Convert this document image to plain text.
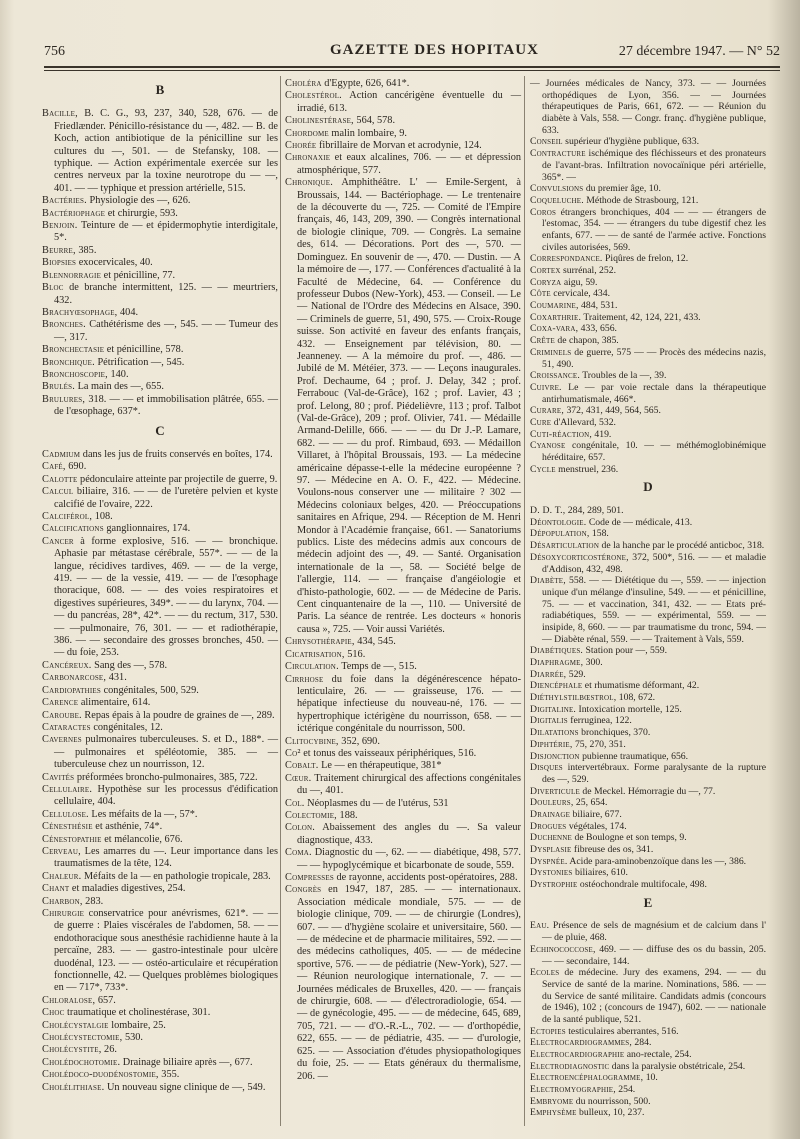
756	GAZETTE DES HOPITAUX	27 décembre 1947. — N° 52
B

Bacille, B. C. G., 93, 237, 340, 528, 676. — de Friedlænder. Pénicillo-résistance du —, 482. — B. de Koch, action antibiotique de la pénicilline sur les cultures du —, 501. — de Stefansky, 108. — typhique. — Action expérimentale exercée sur les centres nerveux par la toxine neurotrope du — —, 401. — — typhique et pression artérielle, 515.

Bactéries. Physiologie des —, 626.

Bactériophage et chirurgie, 593.

Benjoin. Teinture de — et épidermophytie interdigitale, 5*.

Beurre, 385.

Biopsies exocervicales, 40.

Blennorragie et pénicilline, 77.

Bloc de branche intermittent, 125. — — meurtriers, 432.

Brachyœsophage, 404.

Bronches. Cathétérisme des —, 545. — — Tumeur des —, 317.

Bronchectasie et pénicilline, 578.

Bronchique. Pétrification —, 545.

Bronchoscopie, 140.

Brulés. La main des —, 655.

Brulures, 318. — — et immobilisation plâtrée, 655. — de l'œsophage, 637*.

C

Cadmium dans les jus de fruits conservés en boîtes, 174.

Café, 690.

Calotte pédonculaire atteinte par projectile de guerre, 9.

Calcul biliaire, 316. — — de l'uretère pelvien et kyste calcifié de l'ovaire, 222.

Calciférol, 108.

Calcifications ganglionnaires, 174.

Cancer à forme explosive, 516. — — bronchique. Aphasie par métastase cérébrale, 557*. — — de la langue, récidives tardives, 469. — — de la verge, 419. — — de la vessie, 419. — — de l'œsophage thoracique, 608. — — des voies respiratoires et digestives supérieures, 349*. — — du larynx, 704. — — du pancréas, 28*, 42*. — — du rectum, 317, 530. — —pulmonaire, 76, 301. — — et radiothérapie, 386. — — secondaire des grosses bronches, 450. — — du foie, 253.

Cancéreux. Sang des —, 578.

Carbonarcose, 431.

Cardiopathies congénitales, 500, 529.

Carence alimentaire, 614.

Caroube. Repas épais à la poudre de graines de —, 289.

Cataractes congénitales, 12.

Cavernes pulmonaires tuberculeuses. S. et D., 188*. — — pulmonaires et spéléotomie, 385. — — tuberculeuse chez un nourrisson, 12.

Cavités préformées broncho-pulmonaires, 385, 722.

Cellulaire. Hypothèse sur les processus d'édification cellulaire, 404.

Cellulose. Les méfaits de la —, 57*.

Cénesthésie et asthénie, 74*.

Cénestopathie et mélancolie, 676.

Cerveau, Les amarres du —. Leur importance dans les traumatismes de la tête, 124.

Chaleur. Méfaits de la — en pathologie tropicale, 283.

Chant et maladies digestives, 254.

Charbon, 283.

Chirurgie conservatrice pour anévrismes, 621*. — — de guerre : Plaies viscérales de l'abdomen, 58. — — endothoracique sous anesthésie rachidienne haute à la percaïne, 283. — — gastro-intestinale pour ulcère duodénal, 123. — — ostéo-articulaire et récupération fonctionnelle, 42. — Quelques problèmes biologiques en — 717*, 733*.

Chloralose, 657.

Choc traumatique et cholinestérase, 301.

Cholécystalgie lombaire, 25.

Cholécystectomie, 530.

Cholécystite, 26.

Cholédochotomie. Drainage biliaire après —, 677.

Cholédoco-duodénostomie, 355.

Cholélithiase. Un nouveau signe clinique de —, 549.

Choléra d'Egypte, 626, 641*.

Cholestérol. Action cancérigène éventuelle du — irradié, 613.

Cholinestérase, 564, 578.

Chordome malin lombaire, 9.

Chorée fibrillaire de Morvan et acrodynie, 124.

Chronaxie et eaux alcalines, 706. — — et dépression atmosphérique, 577.

Chronique. Amphithéâtre. L' — Emile-Sergent, à Broussais, 144. — Bactériophage. — Le trentenaire de la découverte du —, 725. — Comité de l'Empire français, 46, 143, 209, 390. — Congrès international de biologie clinique, 709. — Congrès. La semaine des, 614. — Décorations. Port des —, 570. — Dominguez. En souvenir de —, 470. — Dustin. — A la mémoire de —, 177. — Conférences d'actualité à la Faculté de Médecine, 64. — Conférence du professeur Dubos (New-York), 453. — Conseil. — Le — National de l'Ordre des Médecins en Alsace, 390. — Criminels de guerre, 51, 490, 575. — Croix-Rouge suisse. Son activité en faveur des enfants français, 432. — Enseignement par télévision, 80. — Jeanneney. — A la mémoire du prof. —, 486. — Jubilé de M. Météier, 373. — — Leçons inaugurales. Prof. Dechaume, 64 ; prof. J. Delay, 342 ; prof. Ferrabouc (Val-de-Grâce), 162 ; prof. Lavier, 43 ; prof. Lelong, 80 ; prof. Piédelièvre, 113 ; prof. Talbot (Val-de-Grâce), 209 ; prof. Olivier, 741. — Médaille Armand-Delille, 666. — — — du Dr J.-P. Lamare, 682. — — — du prof. Rimbaud, 693. — Médaillon Villaret, à l'hôpital Broussais, 193. — La médecine américaine dépasse-t-elle la médecine européenne ? 97. — Médecine en A. O. F., 422. — Médecine. Voulons-nous conserver une — militaire ? 302 — Médecins coloniaux belges, 420. — Préoccupations sanitaires en Afrique, 294. — Réception de M. Henri Mondor à l'Académie française, 661. — Sanatoriums publics. Liste des médecins admis aux concours de médecin adjoint des —, 49. — Santé. Organisation internationale de la —, 58. — Société belge de l'allergie, 114. — — française d'angéiologie et d'histo-pathologie, 602. — — de Médecine de Paris. Cent cinquantenaire de la —, 110. — Université de Paris. La séance de rentrée. Les docteurs « honoris causa », 725. — Voir aussi Variétés.

Chrysothérapie, 434, 545.

Cicatrisation, 516.

Circulation. Temps de —, 515.

Cirrhose du foie dans la dégénérescence hépato-lenticulaire, 26. — — graisseuse, 176. — — hépatique infectieuse du nouveau-né, 176. — — hypertrophique ictérigène du nourrisson, 658. — — ictérique congénitale du nourrisson, 500.

Clitocybine, 352, 690.

Co² et tonus des vaisseaux périphériques, 516.

Cobalt. Le — en thérapeutique, 381*

Cœur. Traitement chirurgical des affections congénitales du —, 401.

Col. Néoplasmes du — de l'utérus, 531

Colectomie, 188.

Colon. Abaissement des angles du —. Sa valeur diagnostique, 433.

Coma. Diagnostic du —, 62. — — diabétique, 498, 577. — — hypoglycémique et bicarbonate de soude, 559.

Compresses de rayonne, accidents post-opératoires, 288.

Congrès en 1947, 187, 285. — — internationaux. Association médicale mondiale, 575. — — de biologie clinique, 709. — — de chirurgie (Londres), 607. — — d'hygiène scolaire et universitaire, 560. — — de médecine et de pharmacie militaires, 592. — — des médecins catholiques, 405. — — de médecine sportive, 576. — — de pédiatrie (New-York), 527. — — Réunion neurologique internationale, 7. — — Journées médicales de Bruxelles, 420. — — français de chirurgie, 608. — — d'électroradiologie, 654. — — de gynécologie, 495. — — de médecine, 645, 689, 705, 721. — — d'O.-R.-L., 702. — — d'orthopédie, 622, 655. — — de pédiatrie, 435. — — d'urologie, 625. — — Association d'études physiopathologiques du foie, 25. — — Etats généraux du thermalisme, 206. —

— Journées médicales de Nancy, 373. — — Journées orthopédiques de Lyon, 356. — — Journées thérapeutiques de Paris, 661, 672. — — Réunion du diabète à Vals, 558. — Congr. franç. d'hygiène publique, 633.

Conseil supérieur d'hygiène publique, 633.

Contracture ischémique des fléchisseurs et des pronateurs de l'avant-bras. Infiltration novocaïnique péri artérielle, 365*. —

Convulsions du premier âge, 10.

Coqueluche. Méthode de Strasbourg, 121.

Coros étrangers bronchiques, 404 — — — étrangers de l'estomac, 354. — — étrangers du tube digestif chez les enfants, 677. — — de santé de l'armée active. Fonctions civiles autorisées, 569.

Correspondance. Piqûres de frelon, 12.

Cortex surrénal, 252.

Coryza aigu, 59.

Côte cervicale, 434.

Coumarine, 484, 531.

Coxarthrie. Traitement, 42, 124, 221, 433.

Coxa-vara, 433, 656.

Crête de chapon, 385.

Criminels de guerre, 575 — — Procès des médecins nazis, 51, 490.

Croissance. Troubles de la —, 39.

Cuivre. Le — par voie rectale dans la thérapeutique antirhumatismale, 466*.

Curare, 372, 431, 449, 564, 565.

Cure d'Allevard, 532.

Cuti-réaction, 419.

Cyanose congénitale, 10. — — méthémoglobinémique héréditaire, 657.

Cycle menstruel, 236.

D

D. D. T., 284, 289, 501.

Déontologie. Code de — médicale, 413.

Dépopulation, 158.

Désarticulation de la hanche par le procédé anticboc, 318.

Désoxycorticostérone, 372, 500*, 516. — — et maladie d'Addison, 432, 498.

Diabète, 558. — — Diététique du —, 559. — — injection unique d'un mélange d'insuline, 549. — — et pénicilline, 75. — — et vaccination, 341, 432. — — Etats pré-radiabétiques, 559. — — expérimental, 559. — — insipide, 8, 660. — — par traumatisme du tronc, 594. — — Diabète rénal, 559. — — Traitement à Vals, 559.

Diabétiques. Station pour —, 559.

Diaphragme, 300.

Diarrée, 529.

Diencéphale et rhumatisme déformant, 42.

Diéthylstilbœstrol, 108, 672.

Digitaline. Intoxication mortelle, 125.

Digitalis ferruginea, 122.

Dilatations bronchiques, 370.

Diphtérie, 75, 270, 351.

Disjonction pubienne traumatique, 656.

Disques intervertébraux. Forme paralysante de la rupture des —, 529.

Diverticule de Meckel. Hémorragie du —, 77.

Douleurs, 25, 654.

Drainage biliaire, 677.

Drogues végétales, 174.

Duchenne de Boulogne et son temps, 9.

Dysplasie fibreuse des os, 341.

Dyspnée. Acide para-aminobenzoïque dans les —, 386.

Dystonies biliaires, 610.

Dystrophie ostéochondrale multifocale, 498.

E

Eau. Présence de sels de magnésium et de calcium dans l' — de pluie, 468.

Echinococcose, 469. — — diffuse des os du bassin, 205. — — secondaire, 144.

Ecoles de médecine. Jury des examens, 294. — — du Service de santé de la marine. Nominations, 586. — — du Service de santé militaire. Candidats admis (concours de 1946), 102 ; (concours de 1947), 602. — — nationale de la santé publique, 521.

Ectopies testiculaires aberrantes, 516.

Electrocardiogrammes, 284.

Electrocardiographie ano-rectale, 254.

Electrodiagnostic dans la paralysie obstétricale, 254.

Electroencéphalogramme, 10.

Electromyographie, 254.

Embryome du nourrisson, 500.

Emphysème bulleux, 10, 237.
